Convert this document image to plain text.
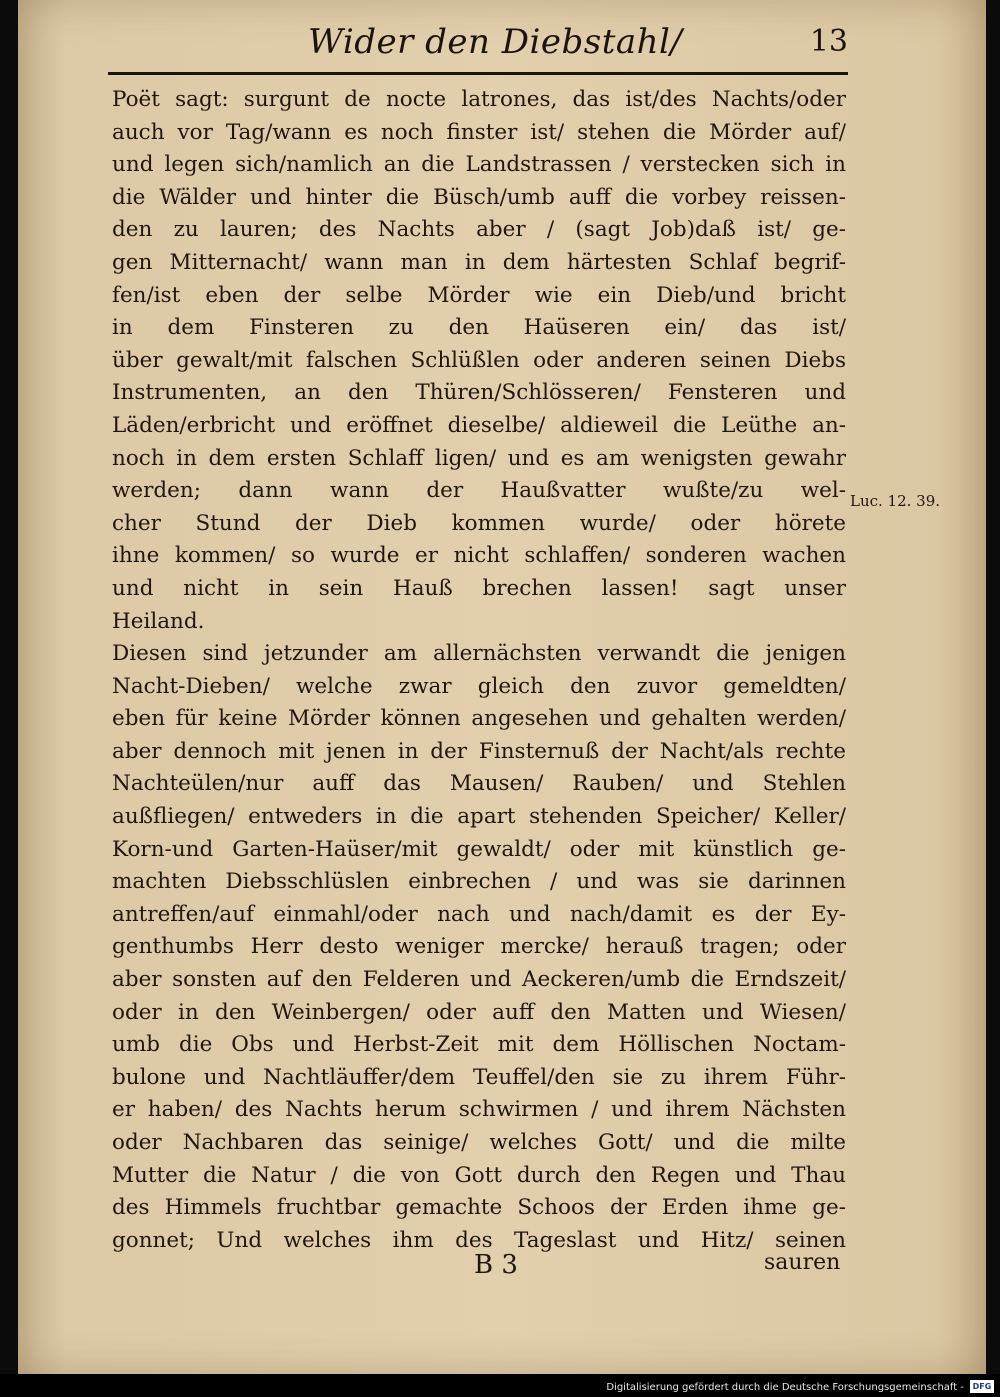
Wider den Diebstahl/	13
Poët sagt: surgunt de nocte latrones, das ist/des Nachts/oder
auch vor Tag/wann es noch finster ist/ stehen die Mörder auf/
und legen sich/namlich an die Landstrassen / verstecken sich in
die Wälder und hinter die Büsch/umb auff die vorbey reissen-
den zu lauren; des Nachts aber / (sagt Job)daß ist/ ge-
gen Mitternacht/ wann man in dem härtesten Schlaf begrif-
fen/ist eben der selbe Mörder wie ein Dieb/und bricht
in dem Finsteren zu den Haüseren ein/ das ist/
über gewalt/mit falschen Schlüßlen oder anderen seinen Diebs
Instrumenten, an den Thüren/Schlösseren/ Fensteren und
Läden/erbricht und eröffnet dieselbe/ aldieweil die Leüthe an-
noch in dem ersten Schlaff ligen/ und es am wenigsten gewahr
werden; dann wann der Haußvatter wußte/zu wel-
cher Stund der Dieb kommen wurde/ oder hörete
ihne kommen/ so wurde er nicht schlaffen/ sonderen wachen
und nicht in sein Hauß brechen lassen! sagt unser
Heiland.
Diesen sind jetzunder am allernächsten verwandt die jenigen
Nacht-Dieben/ welche zwar gleich den zuvor gemeldten/
eben für keine Mörder können angesehen und gehalten werden/
aber dennoch mit jenen in der Finsternuß der Nacht/als rechte
Nachteülen/nur auff das Mausen/ Rauben/ und Stehlen
außfliegen/ entweders in die apart stehenden Speicher/ Keller/
Korn-und Garten-Haüser/mit gewaldt/ oder mit künstlich ge-
machten Diebsschlüslen einbrechen / und was sie darinnen
antreffen/auf einmahl/oder nach und nach/damit es der Ey-
genthumbs Herr desto weniger mercke/ herauß tragen; oder
aber sonsten auf den Felderen und Aeckeren/umb die Erndszeit/
oder in den Weinbergen/ oder auff den Matten und Wiesen/
umb die Obs und Herbst-Zeit mit dem Höllischen Noctam-
bulone und Nachtläuffer/dem Teuffel/den sie zu ihrem Führ-
er haben/ des Nachts herum schwirmen / und ihrem Nächsten
oder Nachbaren das seinige/ welches Gott/ und die milte
Mutter die Natur / die von Gott durch den Regen und Thau
des Himmels fruchtbar gemachte Schoos der Erden ihme ge-
gonnet; Und welches ihm des Tageslast und Hitz/ seinen
Luc. 12. 39.
B 3	sauren
Digitalisierung gefördert durch die Deutsche Forschungsgemeinschaft -	DFG
